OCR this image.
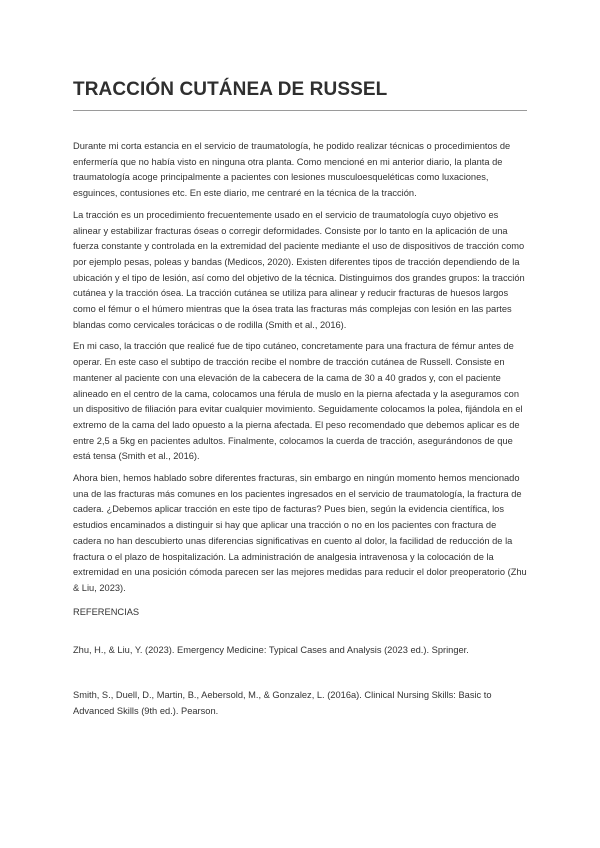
TRACCIÓN CUTÁNEA DE RUSSEL

Durante mi corta estancia en el servicio de traumatología, he podido realizar técnicas o procedimientos de enfermería que no había visto en ninguna otra planta. Como mencioné en mi anterior diario, la planta de traumatología acoge principalmente a pacientes con lesiones musculoesqueléticas como luxaciones, esguinces, contusiones etc. En este diario, me centraré en la técnica de la tracción.

La tracción es un procedimiento frecuentemente usado en el servicio de traumatología cuyo objetivo es alinear y estabilizar fracturas óseas o corregir deformidades. Consiste por lo tanto en la aplicación de una fuerza constante y controlada en la extremidad del paciente mediante el uso de dispositivos de tracción como por ejemplo pesas, poleas y bandas (Medicos, 2020). Existen diferentes tipos de tracción dependiendo de la ubicación y el tipo de lesión, así como del objetivo de la técnica. Distinguimos dos grandes grupos: la tracción cutánea y la tracción ósea. La tracción cutánea se utiliza para alinear y reducir fracturas de huesos largos como el fémur o el húmero mientras que la ósea trata las fracturas más complejas con lesión en las partes blandas como cervicales torácicas o de rodilla (Smith et al., 2016).

En mi caso, la tracción que realicé fue de tipo cutáneo, concretamente para una fractura de fémur antes de operar. En este caso el subtipo de tracción recibe el nombre de tracción cutánea de Russell. Consiste en mantener al paciente con una elevación de la cabecera de la cama de 30 a 40 grados y, con el paciente alineado en el centro de la cama, colocamos una férula de muslo en la pierna afectada y la aseguramos con un dispositivo de filiación para evitar cualquier movimiento. Seguidamente colocamos la polea, fijándola en el extremo de la cama del lado opuesto a la pierna afectada. El peso recomendado que debemos aplicar es de entre 2,5 a 5kg en pacientes adultos. Finalmente, colocamos la cuerda de tracción, asegurándonos de que está tensa (Smith et al., 2016).

Ahora bien, hemos hablado sobre diferentes fracturas, sin embargo en ningún momento hemos mencionado una de las fracturas más comunes en los pacientes ingresados en el servicio de traumatología, la fractura de cadera. ¿Debemos aplicar tracción en este tipo de facturas? Pues bien, según la evidencia científica, los estudios encaminados a distinguir si hay que aplicar una tracción o no en los pacientes con fractura de cadera no han descubierto unas diferencias significativas en cuento al dolor, la facilidad de reducción de la fractura o el plazo de hospitalización. La administración de analgesia intravenosa y la colocación de la extremidad en una posición cómoda parecen ser las mejores medidas para reducir el dolor preoperatorio (Zhu & Liu, 2023).

REFERENCIAS

Zhu, H., & Liu, Y. (2023). Emergency Medicine: Typical Cases and Analysis (2023 ed.). Springer.

Smith, S., Duell, D., Martin, B., Aebersold, M., & Gonzalez, L. (2016a). Clinical Nursing Skills: Basic to Advanced Skills (9th ed.). Pearson.
